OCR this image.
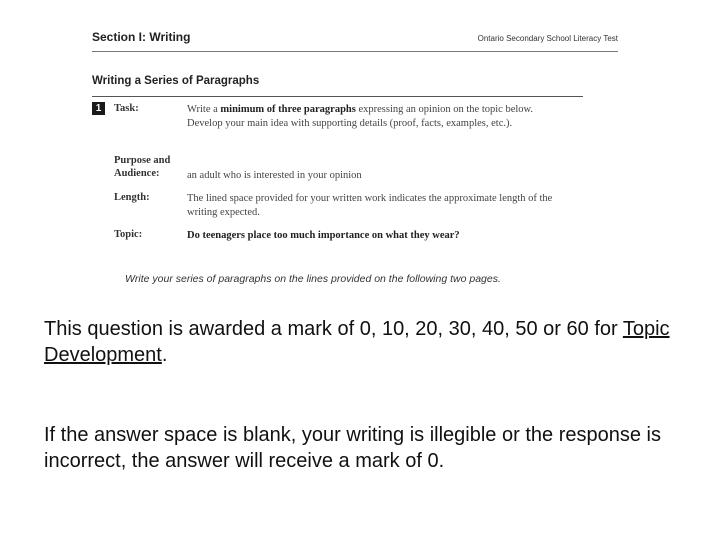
Section I: Writing	Ontario Secondary School Literacy Test
Writing a Series of Paragraphs
1	Task:	Write a minimum of three paragraphs expressing an opinion on the topic below. Develop your main idea with supporting details (proof, facts, examples, etc.).
Purpose and
Audience:	an adult who is interested in your opinion
Length:	The lined space provided for your written work indicates the approximate length of the writing expected.
Topic:	Do teenagers place too much importance on what they wear?
Write your series of paragraphs on the lines provided on the following two pages.
This question is awarded a mark of 0, 10, 20, 30, 40, 50 or 60 for Topic Development.
If the answer space is blank, your writing is illegible or the response is incorrect, the answer will receive a mark of 0.
